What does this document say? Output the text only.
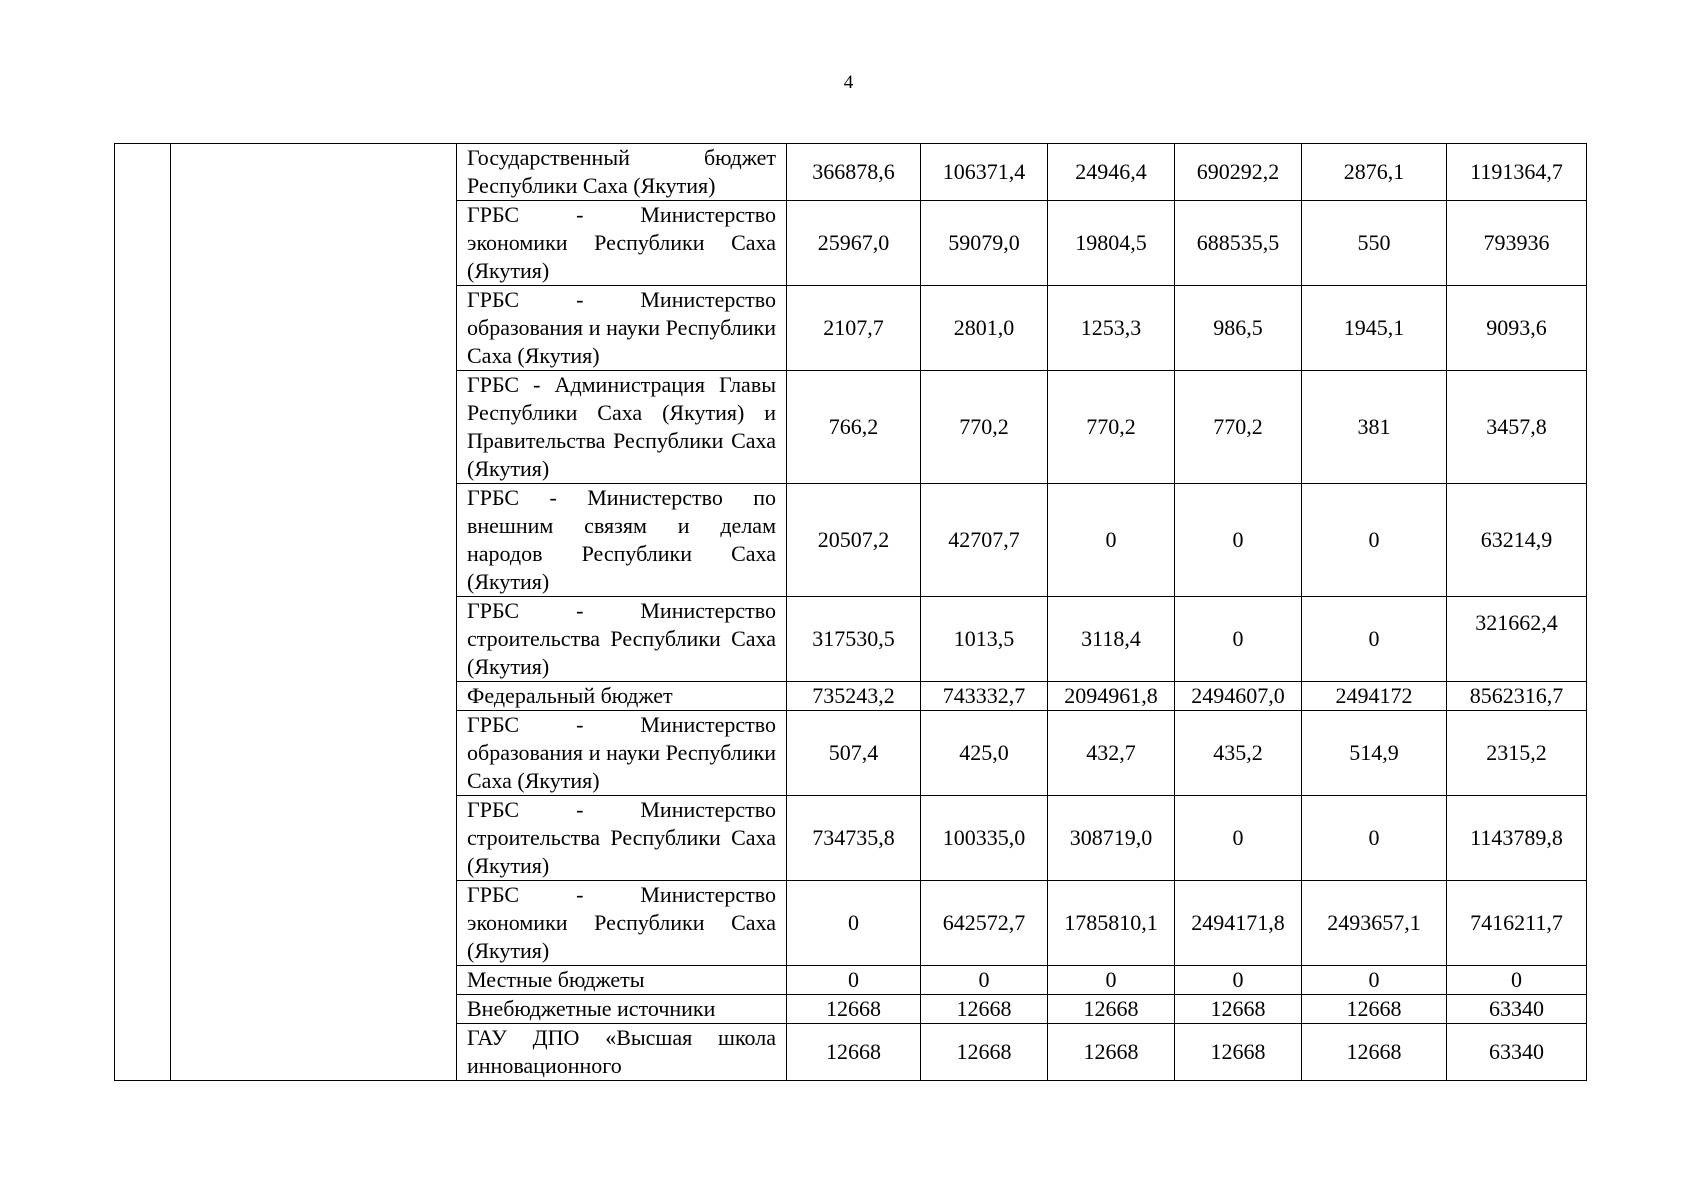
4
		Государственный бюджет Республики Саха (Якутия)	366878,6	106371,4	24946,4	690292,2	2876,1	1191364,7
		ГРБС - Министерство экономики Республики Саха (Якутия)	25967,0	59079,0	19804,5	688535,5	550	793936
		ГРБС - Министерство образования и науки Республики Саха (Якутия)	2107,7	2801,0	1253,3	986,5	1945,1	9093,6
		ГРБС - Администрация Главы Республики Саха (Якутия) и Правительства Республики Саха (Якутия)	766,2	770,2	770,2	770,2	381	3457,8
		ГРБС - Министерство по внешним связям и делам народов Республики Саха (Якутия)	20507,2	42707,7	0	0	0	63214,9
		ГРБС - Министерство строительства Республики Саха (Якутия)	317530,5	1013,5	3118,4	0	0	321662,4
		Федеральный бюджет	735243,2	743332,7	2094961,8	2494607,0	2494172	8562316,7
		ГРБС - Министерство образования и науки Республики Саха (Якутия)	507,4	425,0	432,7	435,2	514,9	2315,2
		ГРБС - Министерство строительства Республики Саха (Якутия)	734735,8	100335,0	308719,0	0	0	1143789,8
		ГРБС - Министерство экономики Республики Саха (Якутия)	0	642572,7	1785810,1	2494171,8	2493657,1	7416211,7
		Местные бюджеты	0	0	0	0	0	0
		Внебюджетные источники	12668	12668	12668	12668	12668	63340
		ГАУ ДПО «Высшая школа инновационного	12668	12668	12668	12668	12668	63340
